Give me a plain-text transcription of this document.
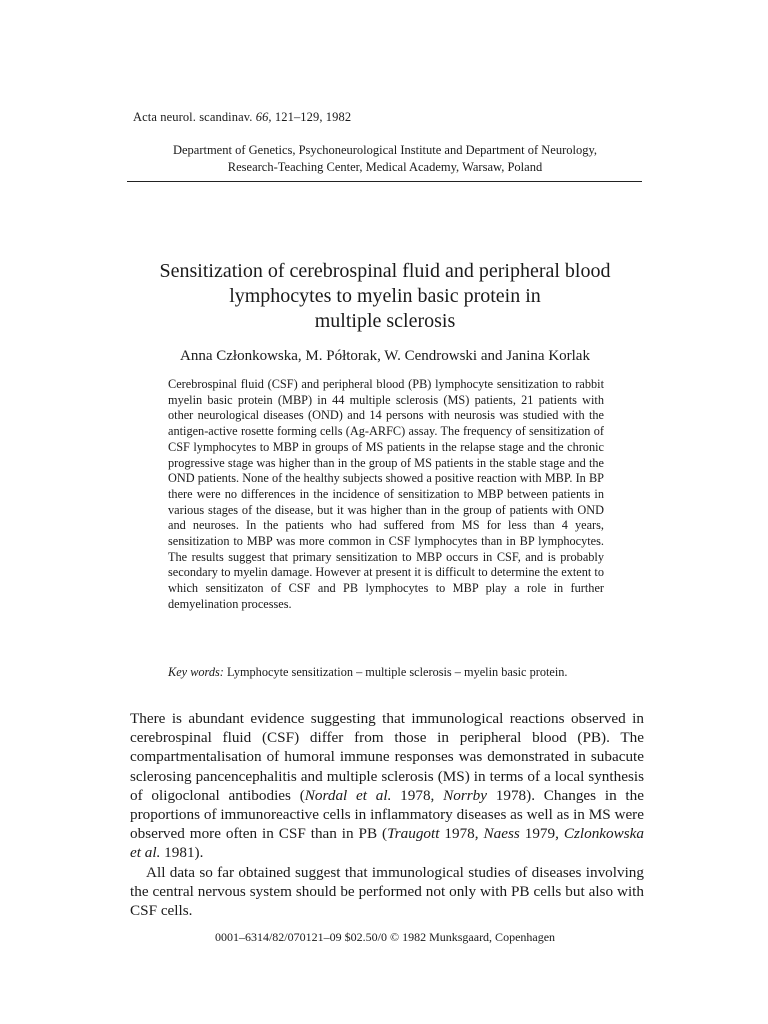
Acta neurol. scandinav. 66, 121–129, 1982
Department of Genetics, Psychoneurological Institute and Department of Neurology,
Research-Teaching Center, Medical Academy, Warsaw, Poland
Sensitization of cerebrospinal fluid and peripheral blood
lymphocytes to myelin basic protein in
multiple sclerosis
Anna Członkowska, M. Półtorak, W. Cendrowski and Janina Korlak

Cerebrospinal fluid (CSF) and peripheral blood (PB) lymphocyte sensitization to rabbit myelin basic protein (MBP) in 44 multiple sclerosis (MS) patients, 21 patients with other neurological diseases (OND) and 14 persons with neurosis was studied with the antigen-active rosette forming cells (Ag-ARFC) assay. The frequency of sensitization of CSF lymphocytes to MBP in groups of MS patients in the relapse stage and the chronic progressive stage was higher than in the group of MS patients in the stable stage and the OND patients. None of the healthy subjects showed a positive reaction with MBP. In BP there were no differences in the incidence of sensitization to MBP between patients in various stages of the disease, but it was higher than in the group of patients with OND and neuroses. In the patients who had suffered from MS for less than 4 years, sensitization to MBP was more common in CSF lymphocytes than in BP lymphocytes. The results suggest that primary sensitization to MBP occurs in CSF, and is probably secondary to myelin damage. However at present it is difficult to determine the extent to which sensitizaton of CSF and PB lymphocytes to MBP play a role in further demyelination processes.

Key words: Lymphocyte sensitization – multiple sclerosis – myelin basic protein.

There is abundant evidence suggesting that immunological reactions observed in cerebrospinal fluid (CSF) differ from those in peripheral blood (PB). The compartmentalisation of humoral immune responses was demonstrated in subacute sclerosing pancencephalitis and multiple sclerosis (MS) in terms of a local synthesis of oligoclonal antibodies (Nordal et al. 1978, Norrby 1978). Changes in the proportions of immunoreactive cells in inflammatory diseases as well as in MS were observed more often in CSF than in PB (Traugott 1978, Naess 1979, Czlonkowska et al. 1981).

All data so far obtained suggest that immunological studies of diseases involving the central nervous system should be performed not only with PB cells but also with CSF cells.

0001–6314/82/070121–09 $02.50/0 © 1982 Munksgaard, Copenhagen
